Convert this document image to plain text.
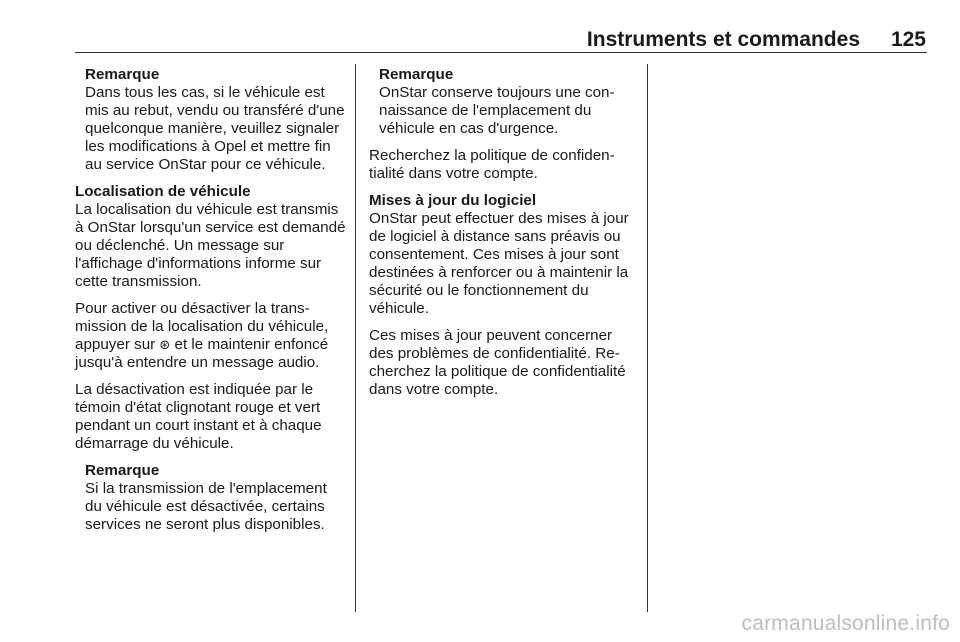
Instruments et commandes	125

Remarque

Dans tous les cas, si le véhicule est mis au rebut, vendu ou transféré d'une quelconque manière, veuillez signaler les modifications à Opel et mettre fin au service OnStar pour ce véhicule.

Localisation de véhicule

La localisation du véhicule est transmis à OnStar lorsqu'un service est demandé ou déclenché. Un message sur l'affichage d'informations informe sur cette transmission.

Pour activer ou désactiver la transmission de la localisation du véhicule, appuyer sur ⊛ et le maintenir enfoncé jusqu'à entendre un message audio.

La désactivation est indiquée par le témoin d'état clignotant rouge et vert pendant un court instant et à chaque démarrage du véhicule.

Remarque

Si la transmission de l'emplacement du véhicule est désactivée, certains services ne seront plus disponibles.

Remarque

OnStar conserve toujours une connaissance de l'emplacement du véhicule en cas d'urgence.

Recherchez la politique de confidentialité dans votre compte.

Mises à jour du logiciel

OnStar peut effectuer des mises à jour de logiciel à distance sans préavis ou consentement. Ces mises à jour sont destinées à renforcer ou à maintenir la sécurité ou le fonctionnement du véhicule.

Ces mises à jour peuvent concerner des problèmes de confidentialité. Recherchez la politique de confidentialité dans votre compte.

carmanualsonline.info
